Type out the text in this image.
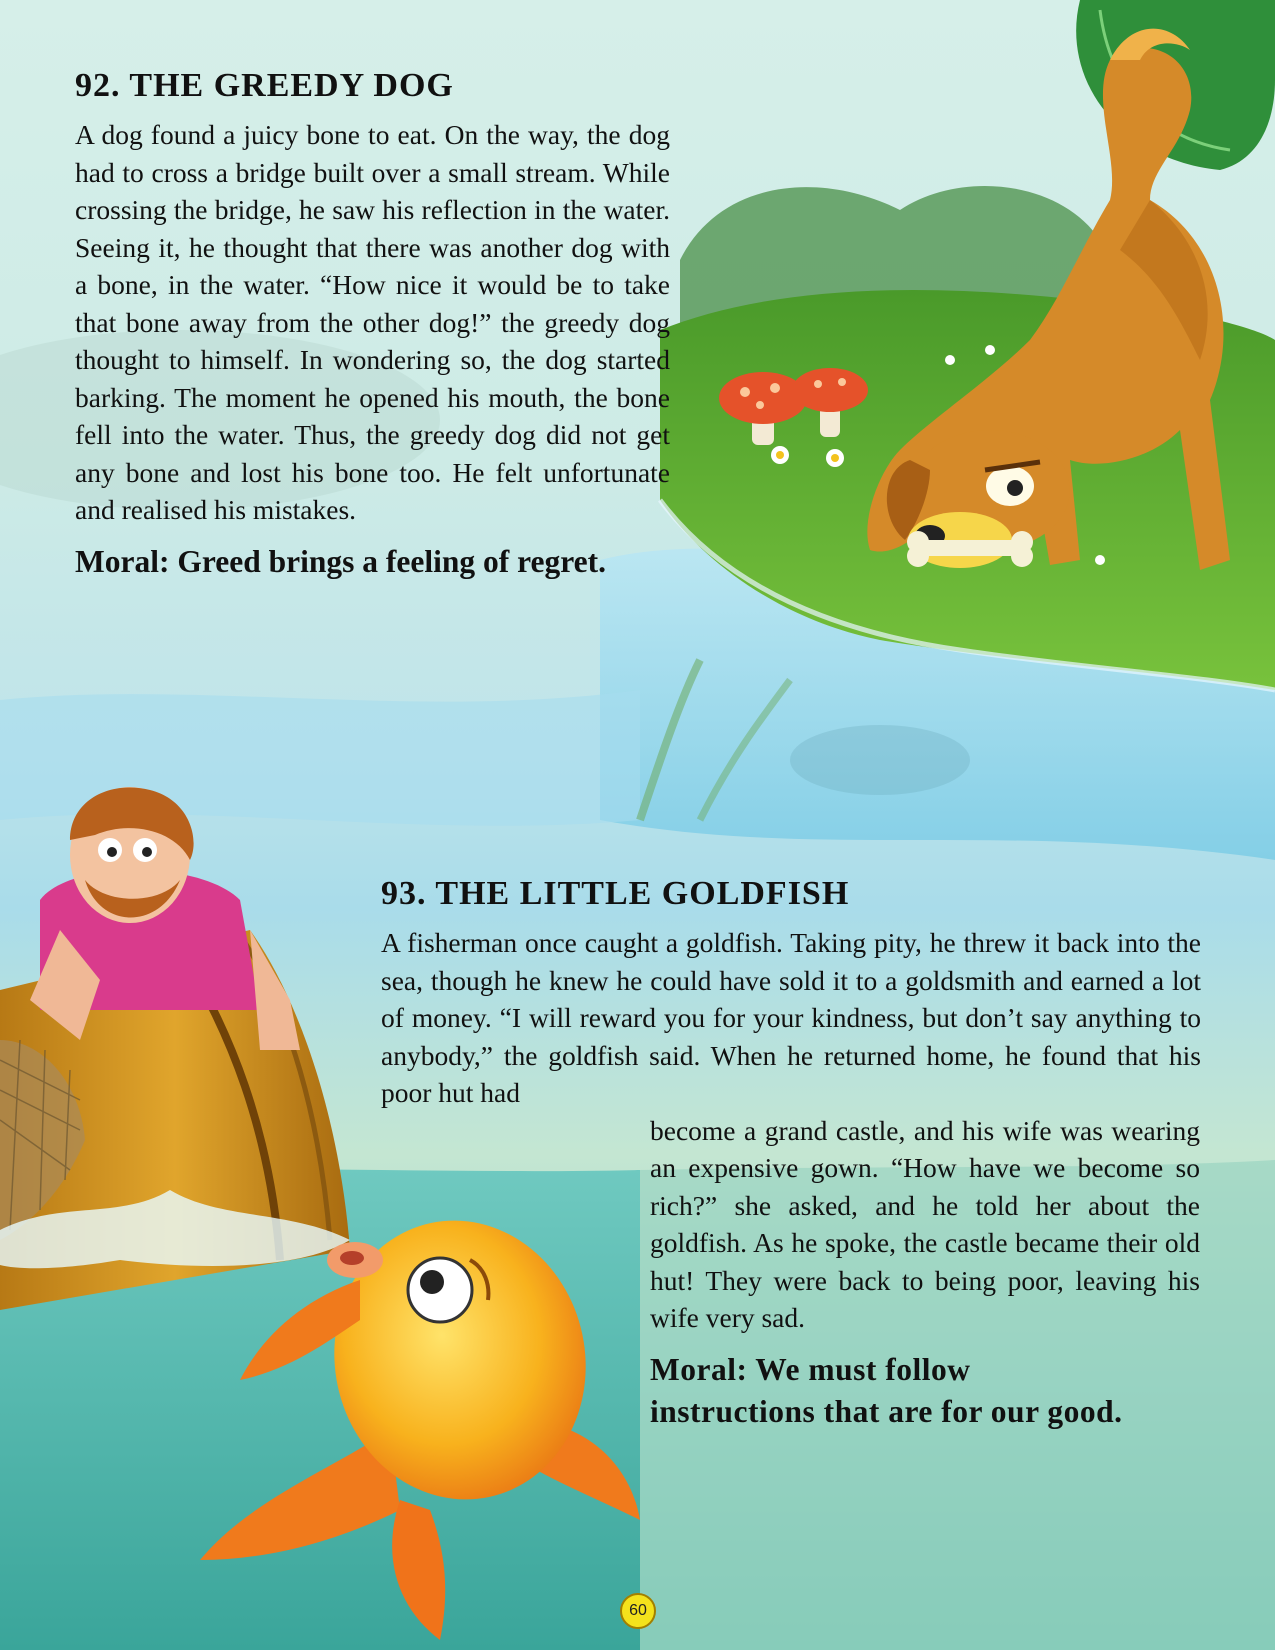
92. THE GREEDY DOG

A dog found a juicy bone to eat. On the way, the dog had to cross a bridge built over a small stream. While crossing the bridge, he saw his reflection in the water. Seeing it, he thought that there was another dog with a bone, in the water. “How nice it would be to take that bone away from the other dog!” the greedy dog thought to himself. In wondering so, the dog started barking. The moment he opened his mouth, the bone fell into the water. Thus, the greedy dog did not get any bone and lost his bone too. He felt unfortunate and realised his mistakes.

Moral: Greed brings a feeling of regret.

93. THE LITTLE GOLDFISH

A fisherman once caught a goldfish. Taking pity, he threw it back into the sea, though he knew he could have sold it to a goldsmith and earned a lot of money. “I will reward you for your kindness, but don’t say anything to anybody,” the goldfish said. When he returned home, he found that his poor hut had

become a grand castle, and his wife was wearing an expensive gown. “How have we become so rich?” she asked, and he told her about the goldfish. As he spoke, the castle became their old hut! They were back to being poor, leaving his wife very sad.

Moral: We must follow
instructions that are for our good.
60
